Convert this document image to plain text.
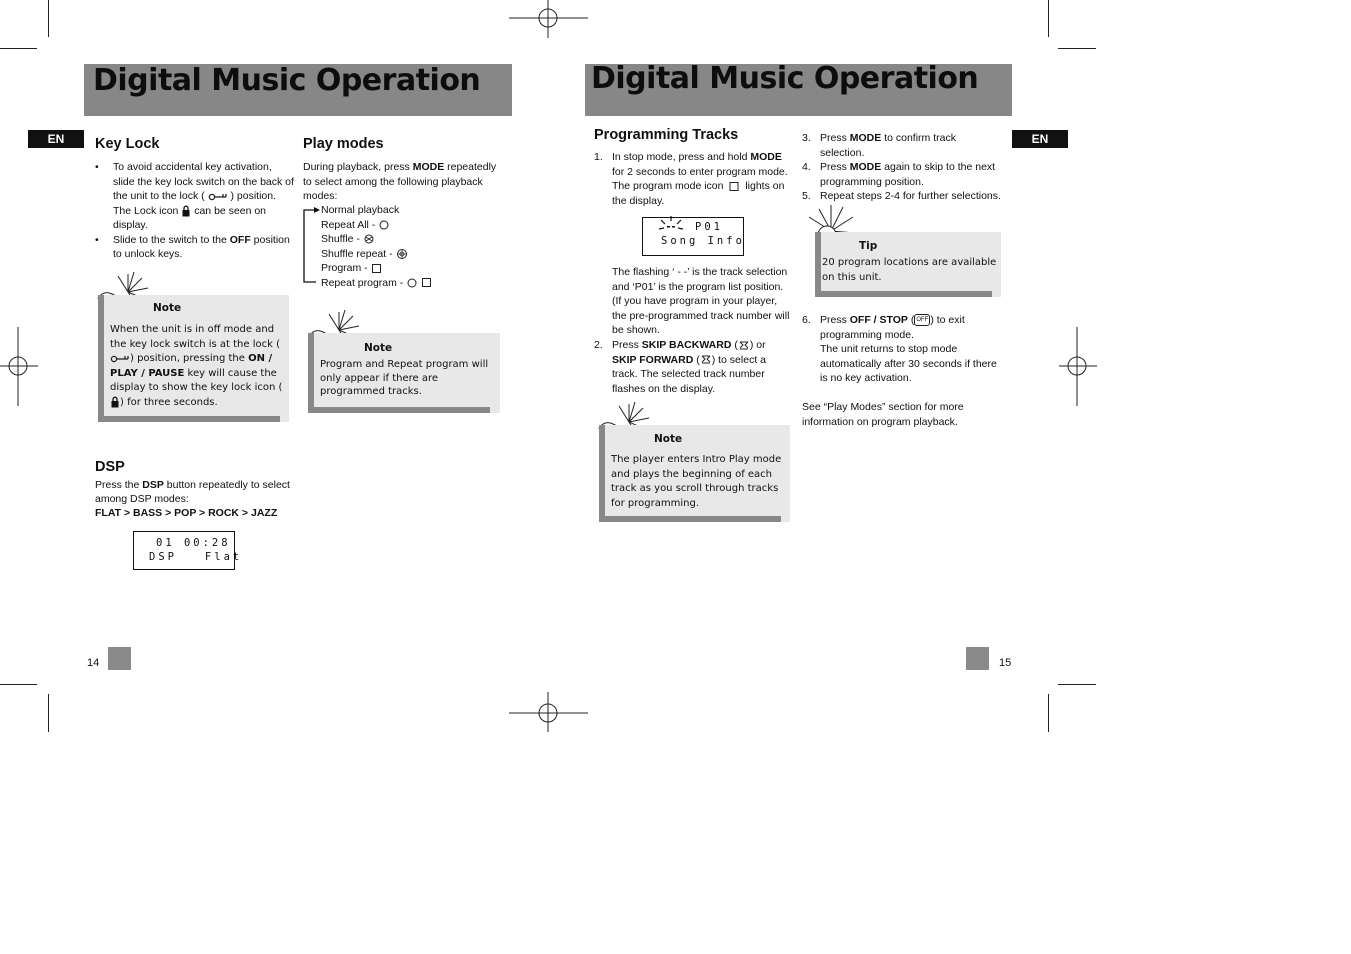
Digital Music Operation
EN	Key Lock
• To avoid accidental key activation, slide the key lock switch on the back of the unit to the lock ( ) position. The Lock icon can be seen on display.
• Slide to the switch to the OFF position to unlock keys.
Note
When the unit is in off mode and the key lock switch is at the lock () position, pressing the ON / PLAY / PAUSE key will cause the display to show the key lock icon () for three seconds.
Play modes
During playback, press MODE repeatedly to select among the following playback modes:
Normal playback
Repeat All -
Shuffle -
Shuffle repeat -
Program -
Repeat program -
Note
Program and Repeat program will only appear if there are programmed tracks.
DSP
Press the DSP button repeatedly to select among DSP modes:
FLAT > BASS > POP > ROCK > JAZZ
01 00:28
DSP   Flat
14
Digital Music Operation
EN
Programming Tracks
1. In stop mode, press and hold MODE for 2 seconds to enter program mode. The program mode icon lights on the display.
P01
Song Info
The flashing ‘ - -’ is the track selection and ‘P01’ is the program list position. (If you have program in your player, the pre-programmed track number will be shown.
2. Press SKIP BACKWARD ( ) or SKIP FORWARD ( ) to select a track. The selected track number flashes on the display.
Note
The player enters Intro Play mode and plays the beginning of each track as you scroll through tracks for programming.
3. Press MODE to confirm track selection.
4. Press MODE again to skip to the next programming position.
5. Repeat steps 2-4 for further selections.
Tip
20 program locations are available on this unit.
6. Press OFF / STOP ( OFF ) to exit programming mode.
The unit returns to stop mode automatically after 30 seconds if there is no key activation.
See “Play Modes” section for more information on program playback.
15
